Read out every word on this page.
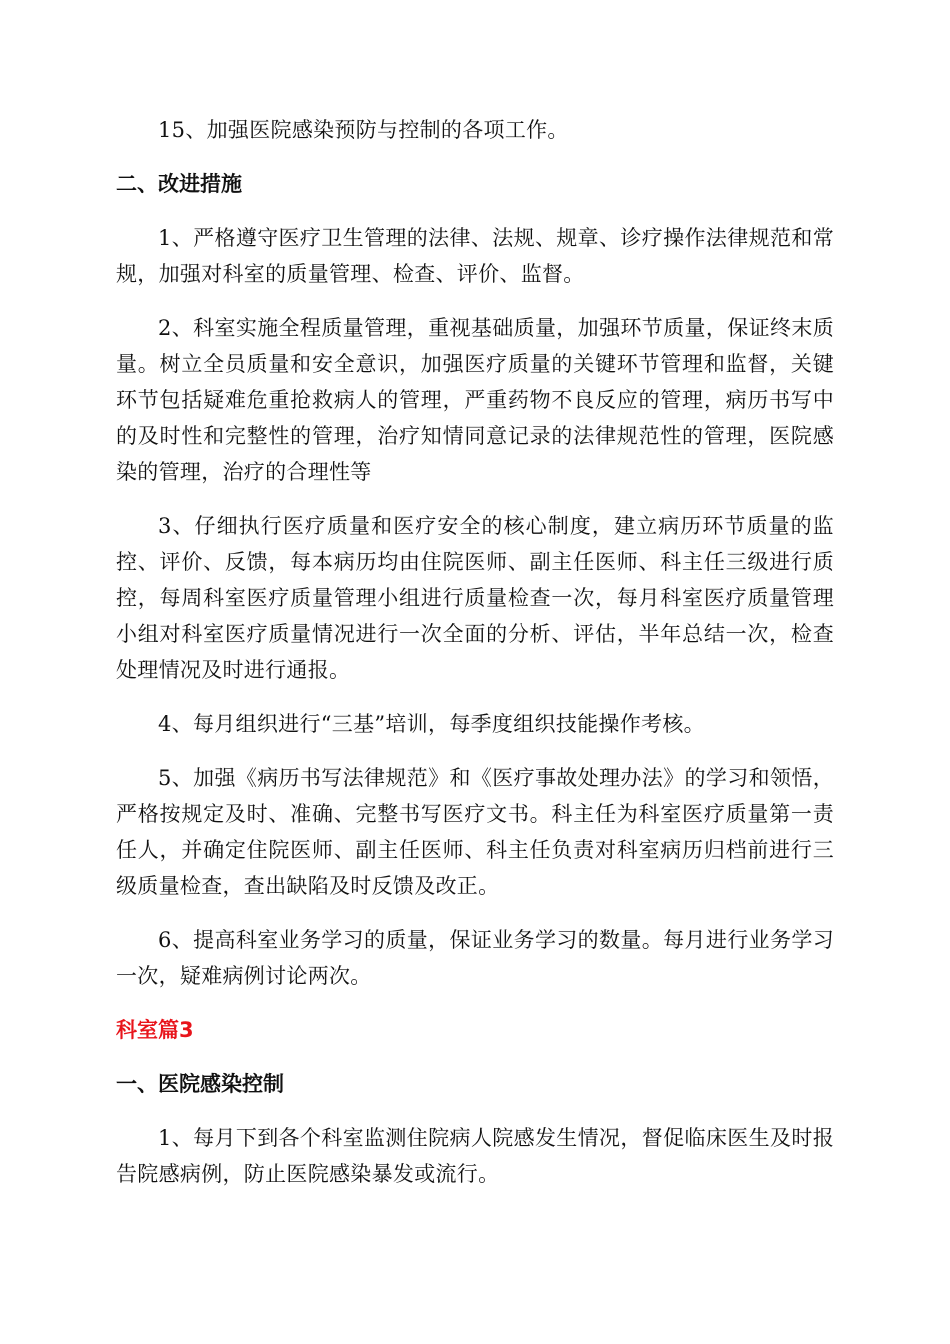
15、加强医院感染预防与控制的各项工作。

二、改进措施

1、严格遵守医疗卫生管理的法律、法规、规章、诊疗操作法律规范和常规，加强对科室的质量管理、检查、评价、监督。

2、科室实施全程质量管理，重视基础质量，加强环节质量，保证终末质量。树立全员质量和安全意识，加强医疗质量的关键环节管理和监督，关键环节包括疑难危重抢救病人的管理，严重药物不良反应的管理，病历书写中的及时性和完整性的管理，治疗知情同意记录的法律规范性的管理，医院感染的管理，治疗的合理性等

3、仔细执行医疗质量和医疗安全的核心制度，建立病历环节质量的监控、评价、反馈，每本病历均由住院医师、副主任医师、科主任三级进行质控，每周科室医疗质量管理小组进行质量检查一次，每月科室医疗质量管理小组对科室医疗质量情况进行一次全面的分析、评估，半年总结一次，检查处理情况及时进行通报。

4、每月组织进行“三基”培训，每季度组织技能操作考核。

5、加强《病历书写法律规范》和《医疗事故处理办法》的学习和领悟，严格按规定及时、准确、完整书写医疗文书。科主任为科室医疗质量第一责任人，并确定住院医师、副主任医师、科主任负责对科室病历归档前进行三级质量检查，查出缺陷及时反馈及改正。

6、提高科室业务学习的质量，保证业务学习的数量。每月进行业务学习一次，疑难病例讨论两次。

科室篇3
一、医院感染控制

1、每月下到各个科室监测住院病人院感发生情况，督促临床医生及时报告院感病例，防止医院感染暴发或流行。
